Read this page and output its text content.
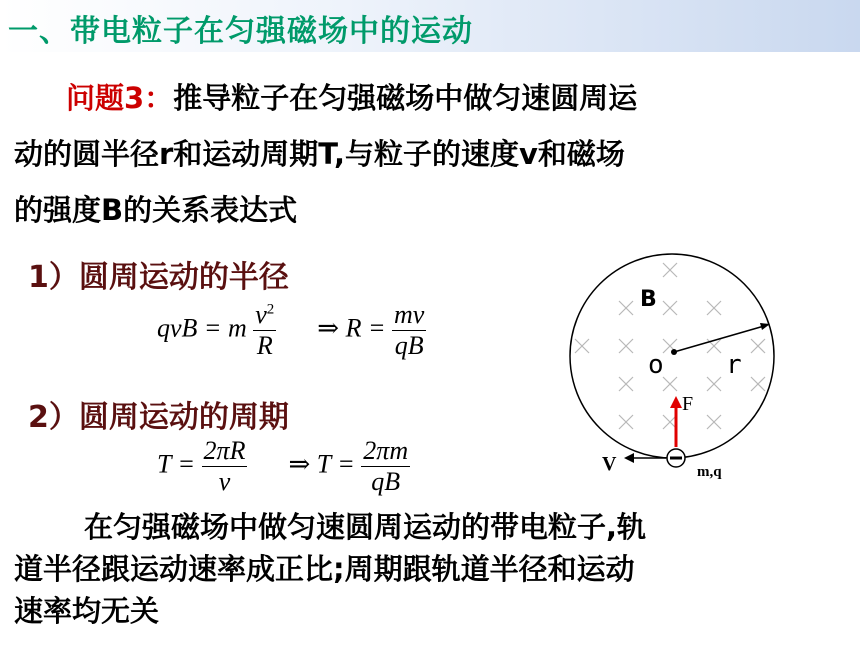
一、带电粒子在匀强磁场中的运动
问题3：推导粒子在匀强磁场中做匀速圆周运
动的圆半径r和运动周期T,与粒子的速度v和磁场
的强度B的关系表达式
1）圆周运动的半径
qvB = m $\frac{v^2}{R}$ ⇒ $R = \frac{mv}{qB}$
2）圆周运动的周期
$T = \frac{2\pi R}{v}$ ⇒ $T = \frac{2\pi m}{qB}$
B
o r
F
V	m,q
在匀强磁场中做匀速圆周运动的带电粒子,轨
道半径跟运动速率成正比;周期跟轨道半径和运动
速率均无关
